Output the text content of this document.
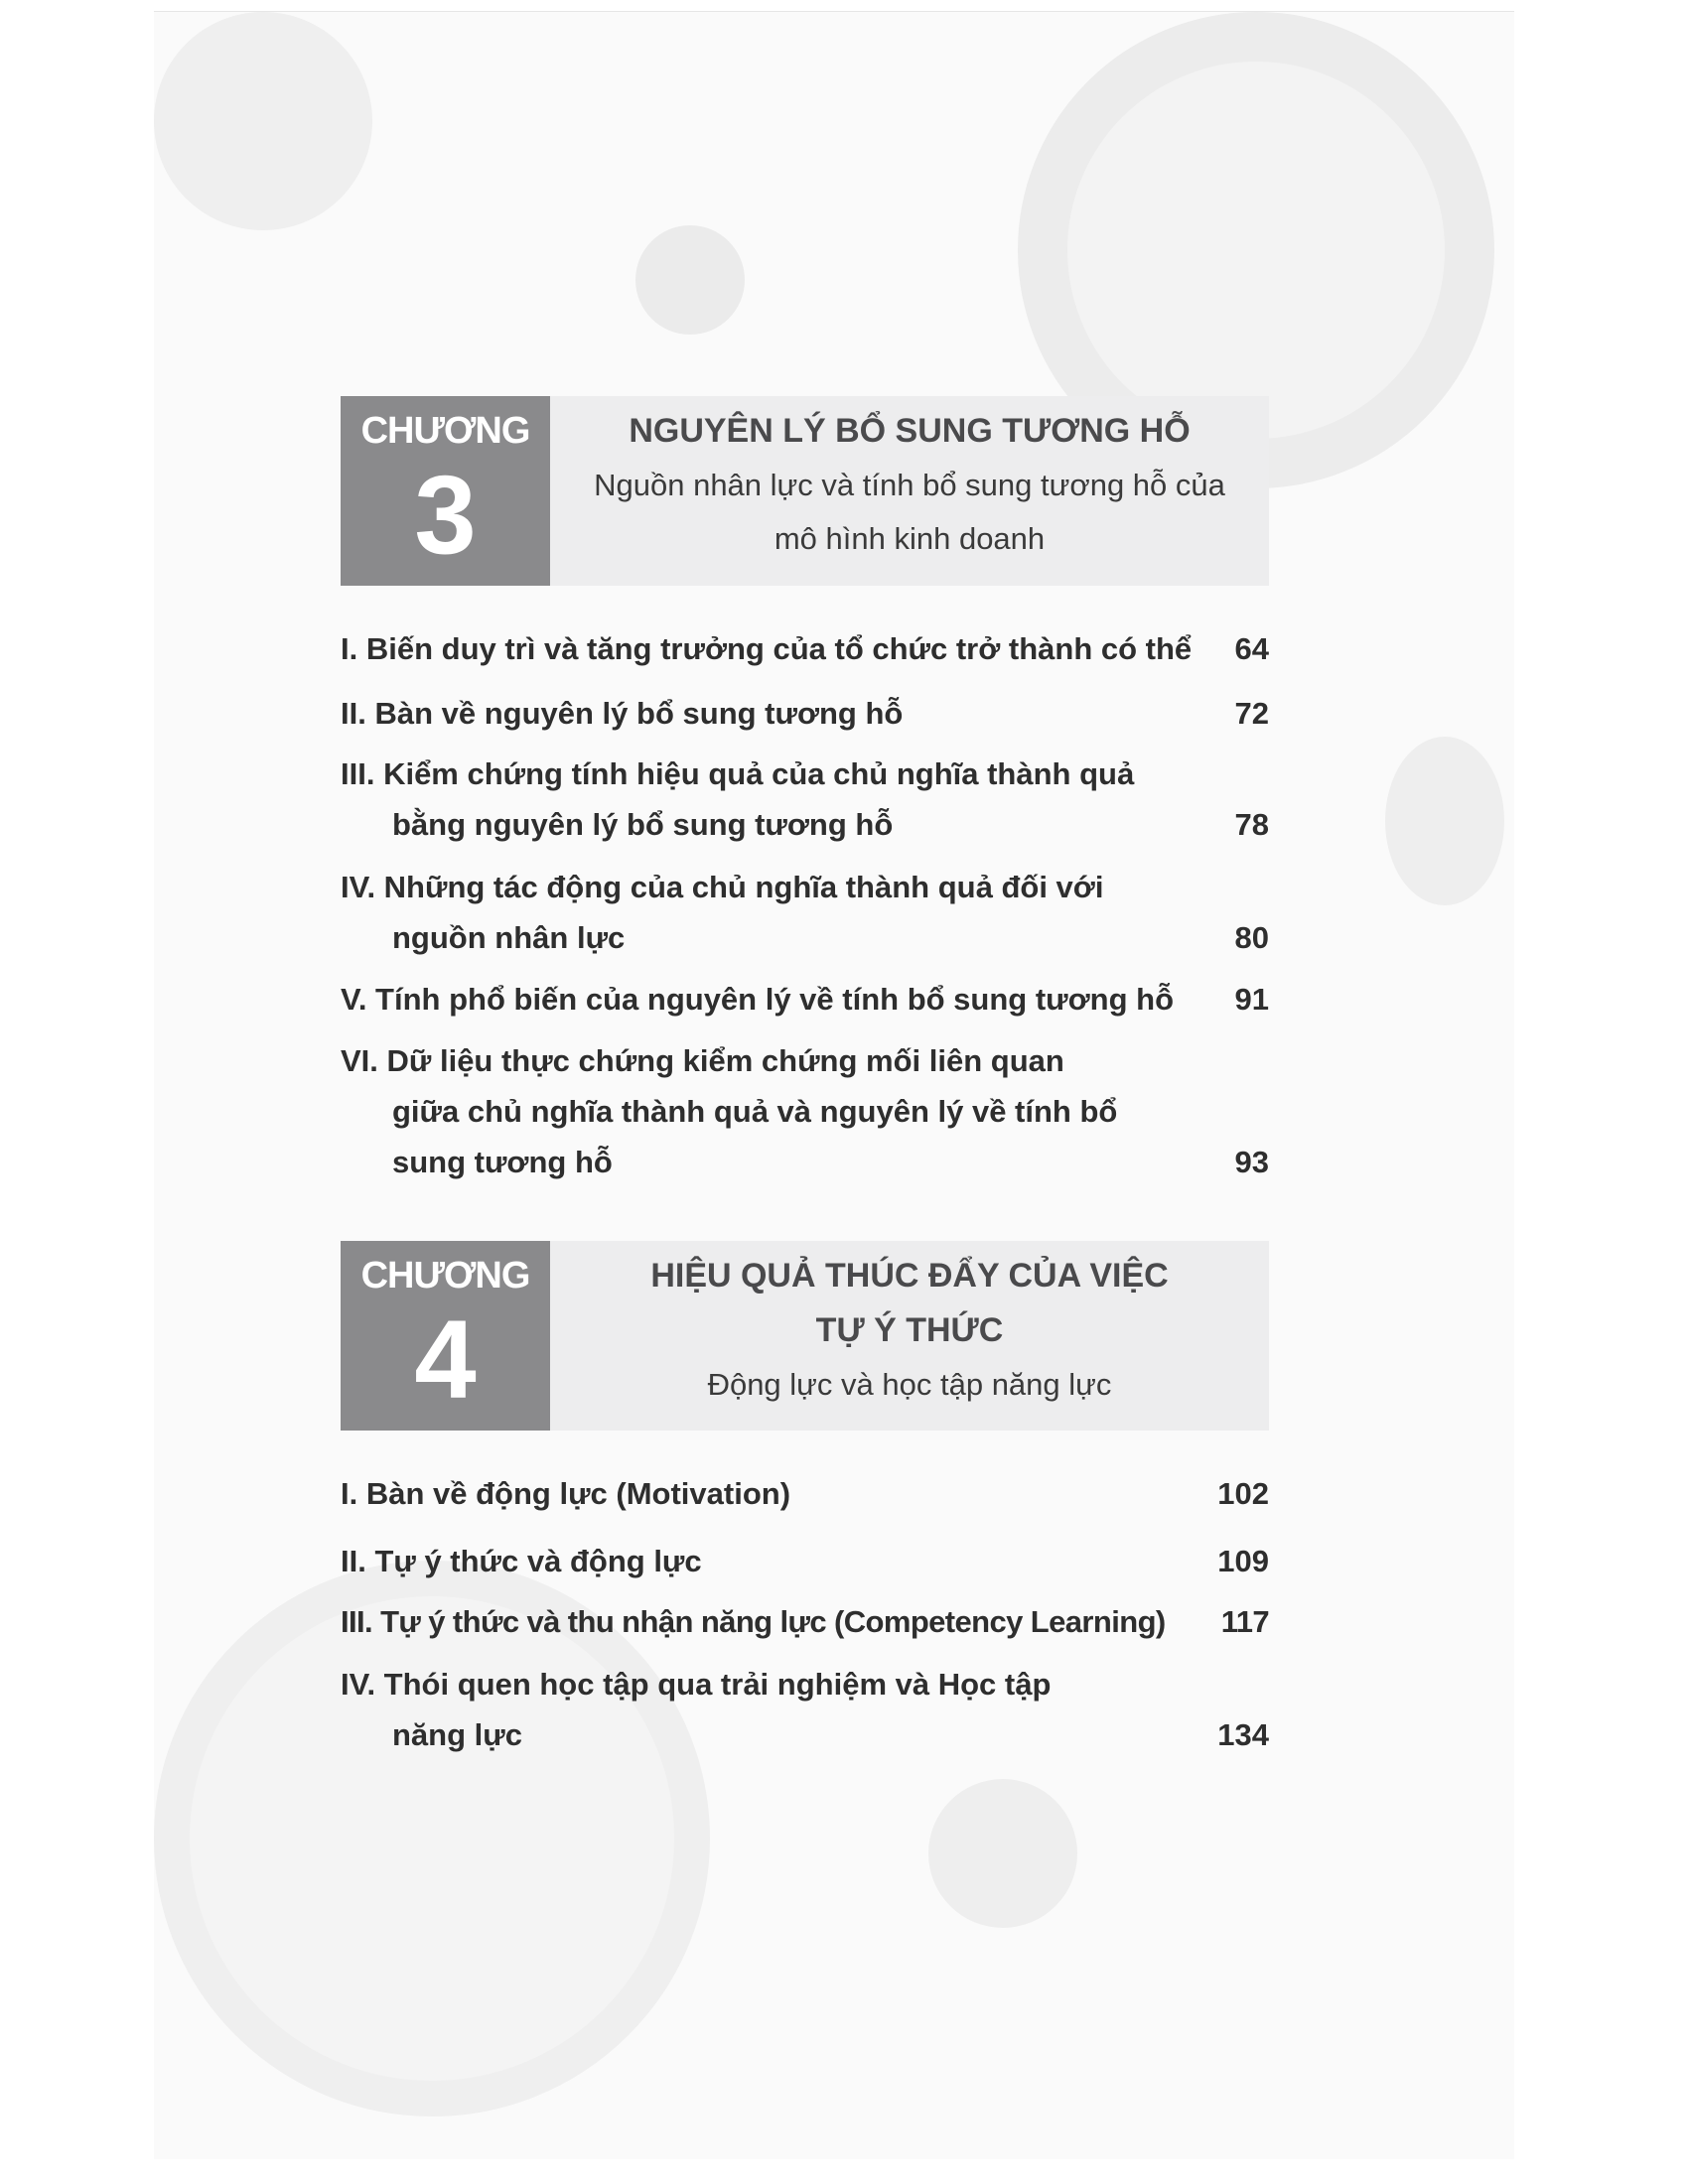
CHƯƠNG
3
NGUYÊN LÝ BỔ SUNG TƯƠNG HỖ
Nguồn nhân lực và tính bổ sung tương hỗ của
mô hình kinh doanh
I. Biến duy trì và tăng trưởng của tổ chức trở thành có thể	64
II. Bàn về nguyên lý bổ sung tương hỗ	72
III. Kiểm chứng tính hiệu quả của chủ nghĩa thành quả
bằng nguyên lý bổ sung tương hỗ	78
IV. Những tác động của chủ nghĩa thành quả đối với
nguồn nhân lực	80
V. Tính phổ biến của nguyên lý về tính bổ sung tương hỗ	91
VI. Dữ liệu thực chứng kiểm chứng mối liên quan
giữa chủ nghĩa thành quả và nguyên lý về tính bổ
sung tương hỗ	93
CHƯƠNG
4
HIỆU QUẢ THÚC ĐẨY CỦA VIỆC
TỰ Ý THỨC
Động lực và học tập năng lực
I. Bàn về động lực (Motivation)	102
II. Tự ý thức và động lực	109
III. Tự ý thức và thu nhận năng lực (Competency Learning)	117
IV. Thói quen học tập qua trải nghiệm và Học tập
năng lực	134
